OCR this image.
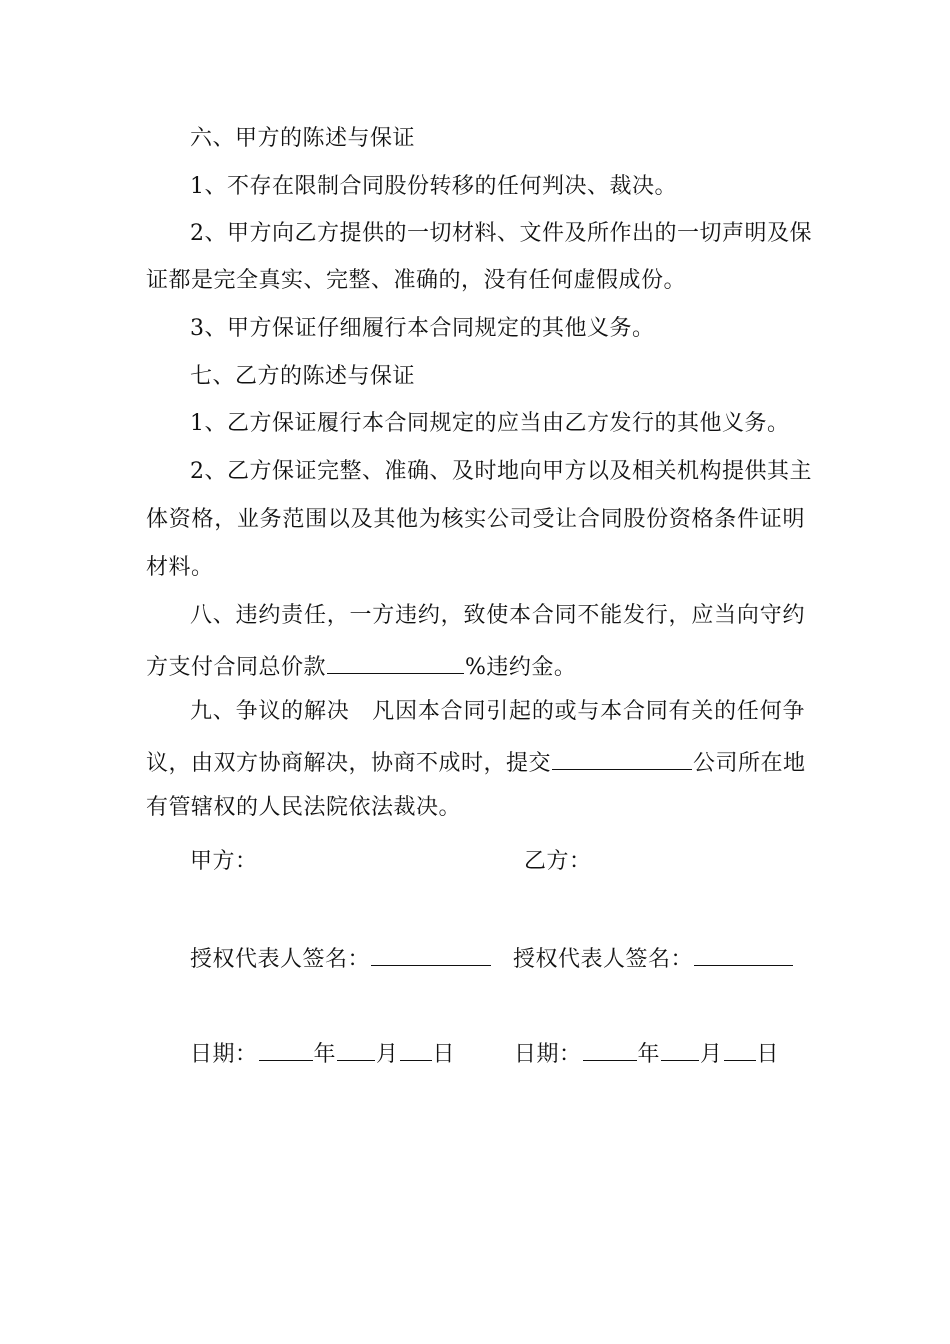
六、甲方的陈述与保证
1、不存在限制合同股份转移的任何判决、裁决。
2、甲方向乙方提供的一切材料、文件及所作出的一切声明及保
证都是完全真实、完整、准确的，没有任何虚假成份。
3、甲方保证仔细履行本合同规定的其他义务。
七、乙方的陈述与保证
1、乙方保证履行本合同规定的应当由乙方发行的其他义务。
2、乙方保证完整、准确、及时地向甲方以及相关机构提供其主
体资格，业务范围以及其他为核实公司受让合同股份资格条件证明
材料。
八、违约责任，一方违约，致使本合同不能发行，应当向守约
方支付合同总价款	%违约金。
九、争议的解决　凡因本合同引起的或与本合同有关的任何争
议，由双方协商解决，协商不成时，提交	公司所在地
有管辖权的人民法院依法裁决。
甲方：	乙方：
授权代表人签名：	授权代表人签名：
日期：	年 月 日	日期：	年 月 日
